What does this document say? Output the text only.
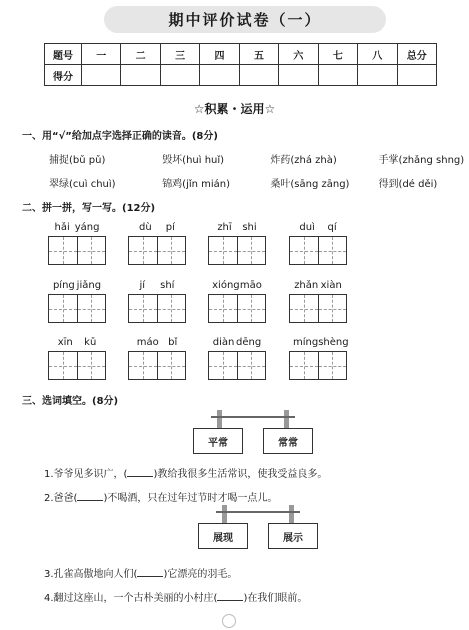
期中评价试卷（一）
题号	一	二	三	四	五	六	七	八	总分
得分									
☆积累・运用☆
一、用“√”给加点字选择正确的读音。(8分)
捕捉(bǔ pǔ)	毁坏(huì huǐ)	炸药(zhá zhà)	手掌(zhǎng shng)
翠绿(cuì chuì)	锦鸡(jǐn mián)	桑叶(sāng zāng)	得到(dé děi)
二、拼一拼，写一写。(12分)
hǎi yáng	dù pí	zhī shi	duì qí
píng jiǎng	jí shí	xióng māo	zhǎn xiàn
xīn kǔ	máo bǐ	diàn dēng	míng shèng
三、选词填空。(8分)
平常	常常
1.爷爷见多识广，(	)教给我很多生活常识，使我受益良多。
2.爸爸(	)不喝酒，只在过年过节时才喝一点儿。
展现	展示
3.孔雀高傲地向人们(	)它漂亮的羽毛。
4.翻过这座山，一个古朴美丽的小村庄(	)在我们眼前。
